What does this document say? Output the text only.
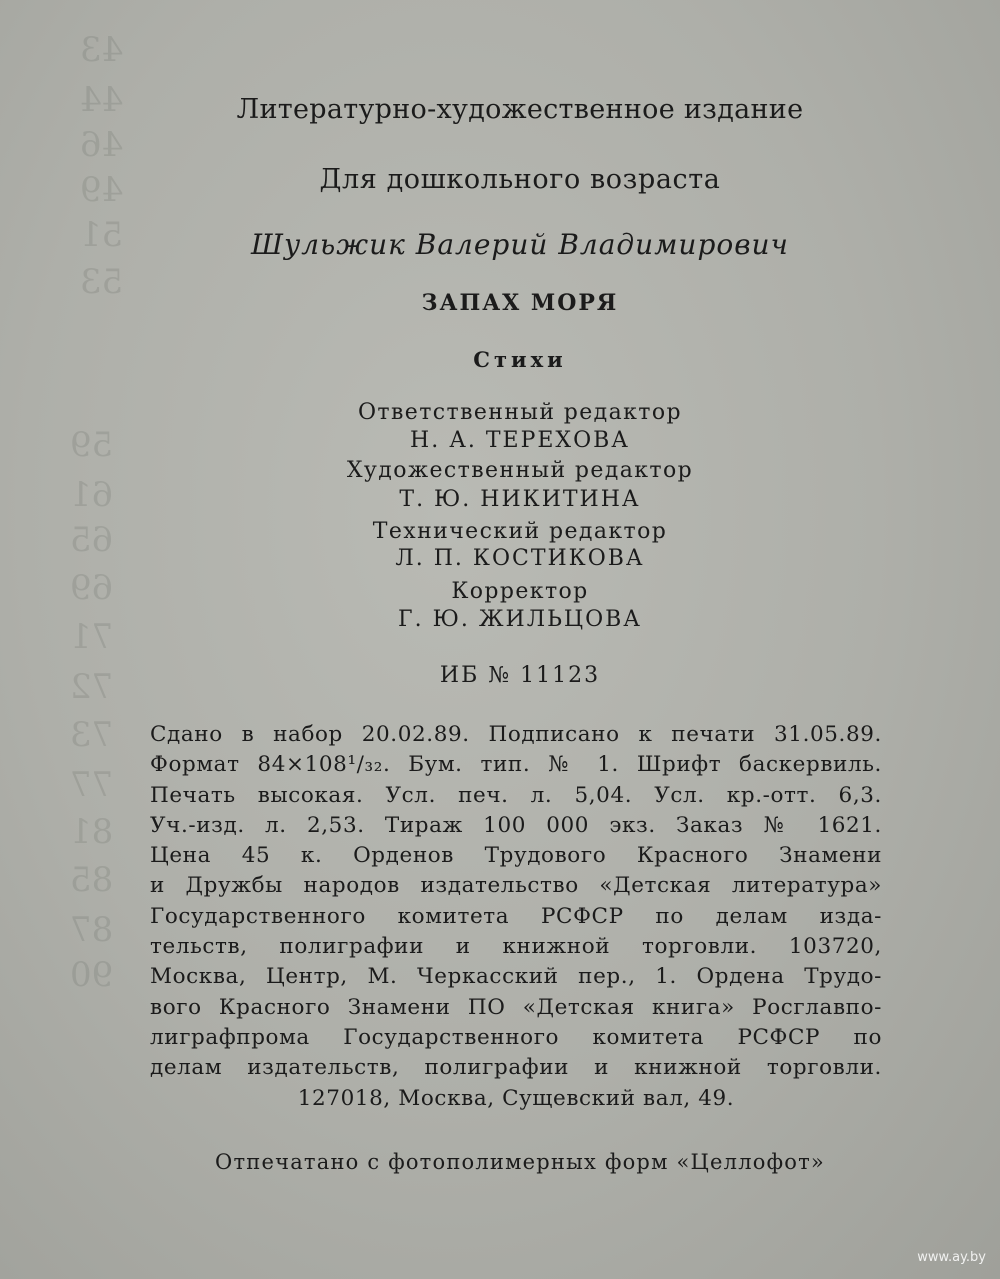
59
61
65
69
71
72
73
77
81
85
87
90
43
44
46
49
51
53
Литературно-художественное издание
Для дошкольного возраста
Шульжик Валерий Владимирович
ЗАПАХ МОРЯ
Стихи
Ответственный редактор
Н. А. ТЕРЕХОВА
Художественный редактор
Т. Ю. НИКИТИНА
Технический редактор
Л. П. КОСТИКОВА
Корректор
Г. Ю. ЖИЛЬЦОВА
ИБ № 11123
Сдано в набор 20.02.89. Подписано к печати 31.05.89.
Формат 84×108¹/₃₂. Бум. тип. № 1. Шрифт баскервиль.
Печать высокая. Усл. печ. л. 5,04. Усл. кр.-отт. 6,3.
Уч.-изд. л. 2,53. Тираж 100 000 экз. Заказ № 1621.
Цена 45 к. Орденов Трудового Красного Знамени
и Дружбы народов издательство «Детская литература»
Государственного комитета РСФСР по делам изда-
тельств, полиграфии и книжной торговли. 103720,
Москва, Центр, М. Черкасский пер., 1. Ордена Трудо-
вого Красного Знамени ПО «Детская книга» Росглавпо-
лиграфпрома Государственного комитета РСФСР по
делам издательств, полиграфии и книжной торговли.
127018, Москва, Сущевский вал, 49.
Отпечатано с фотополимерных форм «Целлофот»
www.ay.by
